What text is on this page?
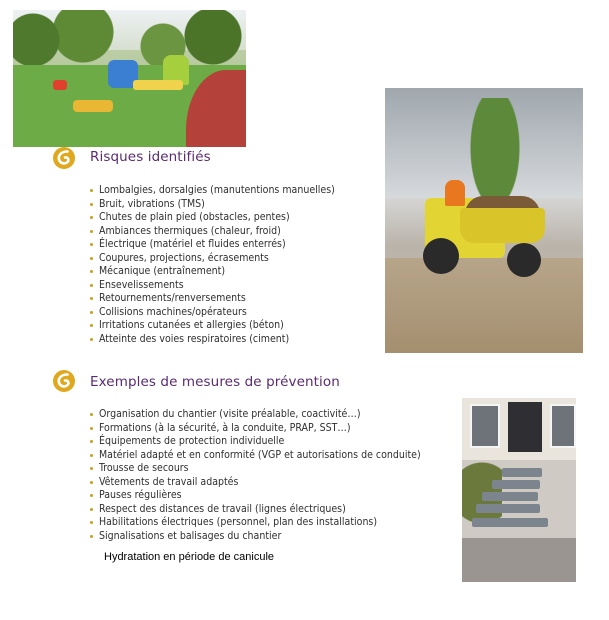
Risques identifiés
Lombalgies, dorsalgies (manutentions manuelles)
Bruit, vibrations (TMS)
Chutes de plain pied (obstacles, pentes)
Ambiances thermiques (chaleur, froid)
Électrique (matériel et fluides enterrés)
Coupures, projections, écrasements
Mécanique (entraînement)
Ensevelissements
Retournements/renversements
Collisions machines/opérateurs
Irritations cutanées et allergies (béton)
Atteinte des voies respiratoires (ciment)
Exemples de mesures de prévention
Organisation du chantier (visite préalable, coactivité…)
Formations (à la sécurité, à la conduite, PRAP, SST…)
Équipements de protection individuelle
Matériel adapté et en conformité (VGP et autorisations de conduite)
Trousse de secours
Vêtements de travail adaptés
Pauses régulières
Respect des distances de travail (lignes électriques)
Habilitations électriques (personnel, plan des installations)
Signalisations et balisages du chantier
Hydratation en période de canicule
